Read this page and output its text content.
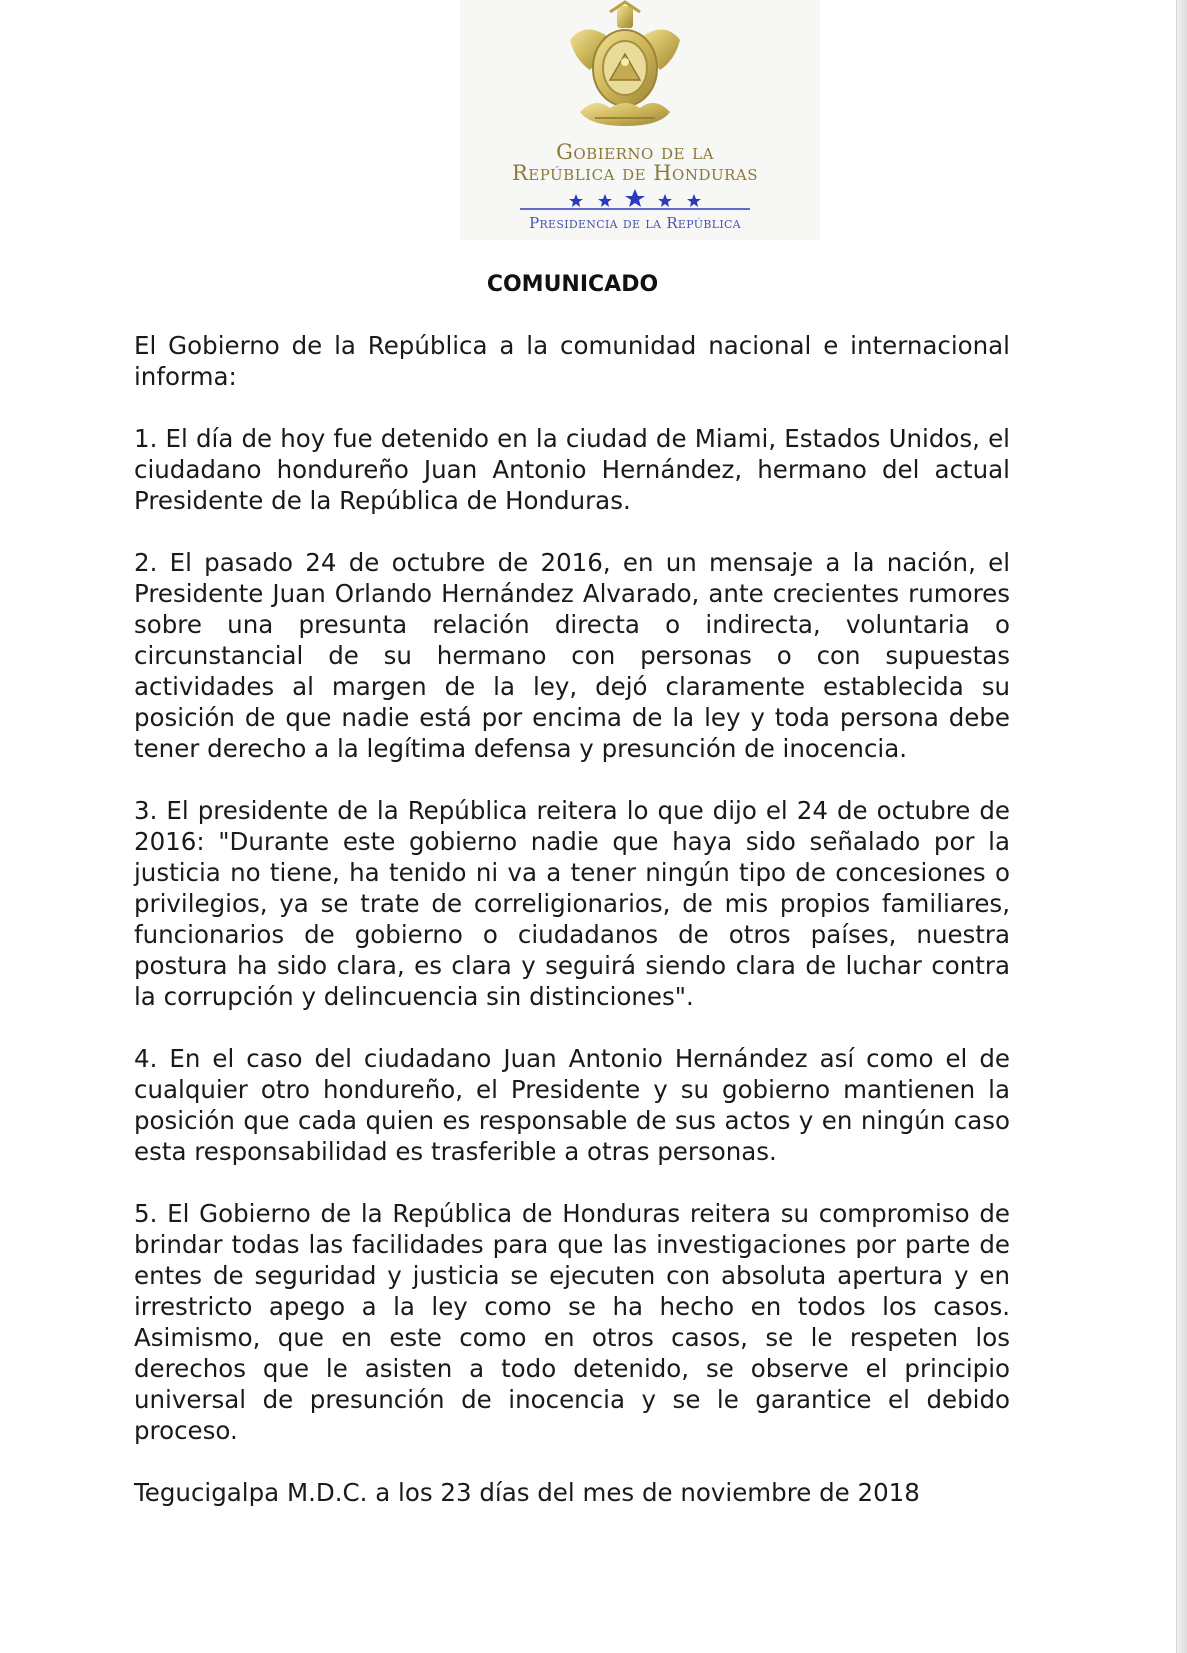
Gobierno de la
República de Honduras
Presidencia de la República
COMUNICADO

El Gobierno de la República a la comunidad nacional e internacional informa:

1. El día de hoy fue detenido en la ciudad de Miami, Estados Unidos, el ciudadano hondureño Juan Antonio Hernández, hermano del actual Presidente de la República de Honduras.

2. El pasado 24 de octubre de 2016, en un mensaje a la nación, el Presidente Juan Orlando Hernández Alvarado, ante crecientes rumores sobre una presunta relación directa o indirecta, voluntaria o circunstancial de su hermano con personas o con supuestas actividades al margen de la ley, dejó claramente establecida su posición de que nadie está por encima de la ley y toda persona debe tener derecho a la legítima defensa y presunción de inocencia.

3. El presidente de la República reitera lo que dijo el 24 de octubre de 2016: "Durante este gobierno nadie que haya sido señalado por la justicia no tiene, ha tenido ni va a tener ningún tipo de concesiones o privilegios, ya se trate de correligionarios, de mis propios familiares, funcionarios de gobierno o ciudadanos de otros países, nuestra postura ha sido clara, es clara y seguirá siendo clara de luchar contra la corrupción y delincuencia sin distinciones".

4. En el caso del ciudadano Juan Antonio Hernández así como el de cualquier otro hondureño, el Presidente y su gobierno mantienen la posición que cada quien es responsable de sus actos y en ningún caso esta responsabilidad es trasferible a otras personas.

5. El Gobierno de la República de Honduras reitera su compromiso de brindar todas las facilidades para que las investigaciones por parte de entes de seguridad y justicia se ejecuten con absoluta apertura y en irrestricto apego a la ley como se ha hecho en todos los casos. Asimismo, que en este como en otros casos, se le respeten los derechos que le asisten a todo detenido, se observe el principio universal de presunción de inocencia y se le garantice el debido proceso.

Tegucigalpa M.D.C. a los 23 días del mes de noviembre de 2018
